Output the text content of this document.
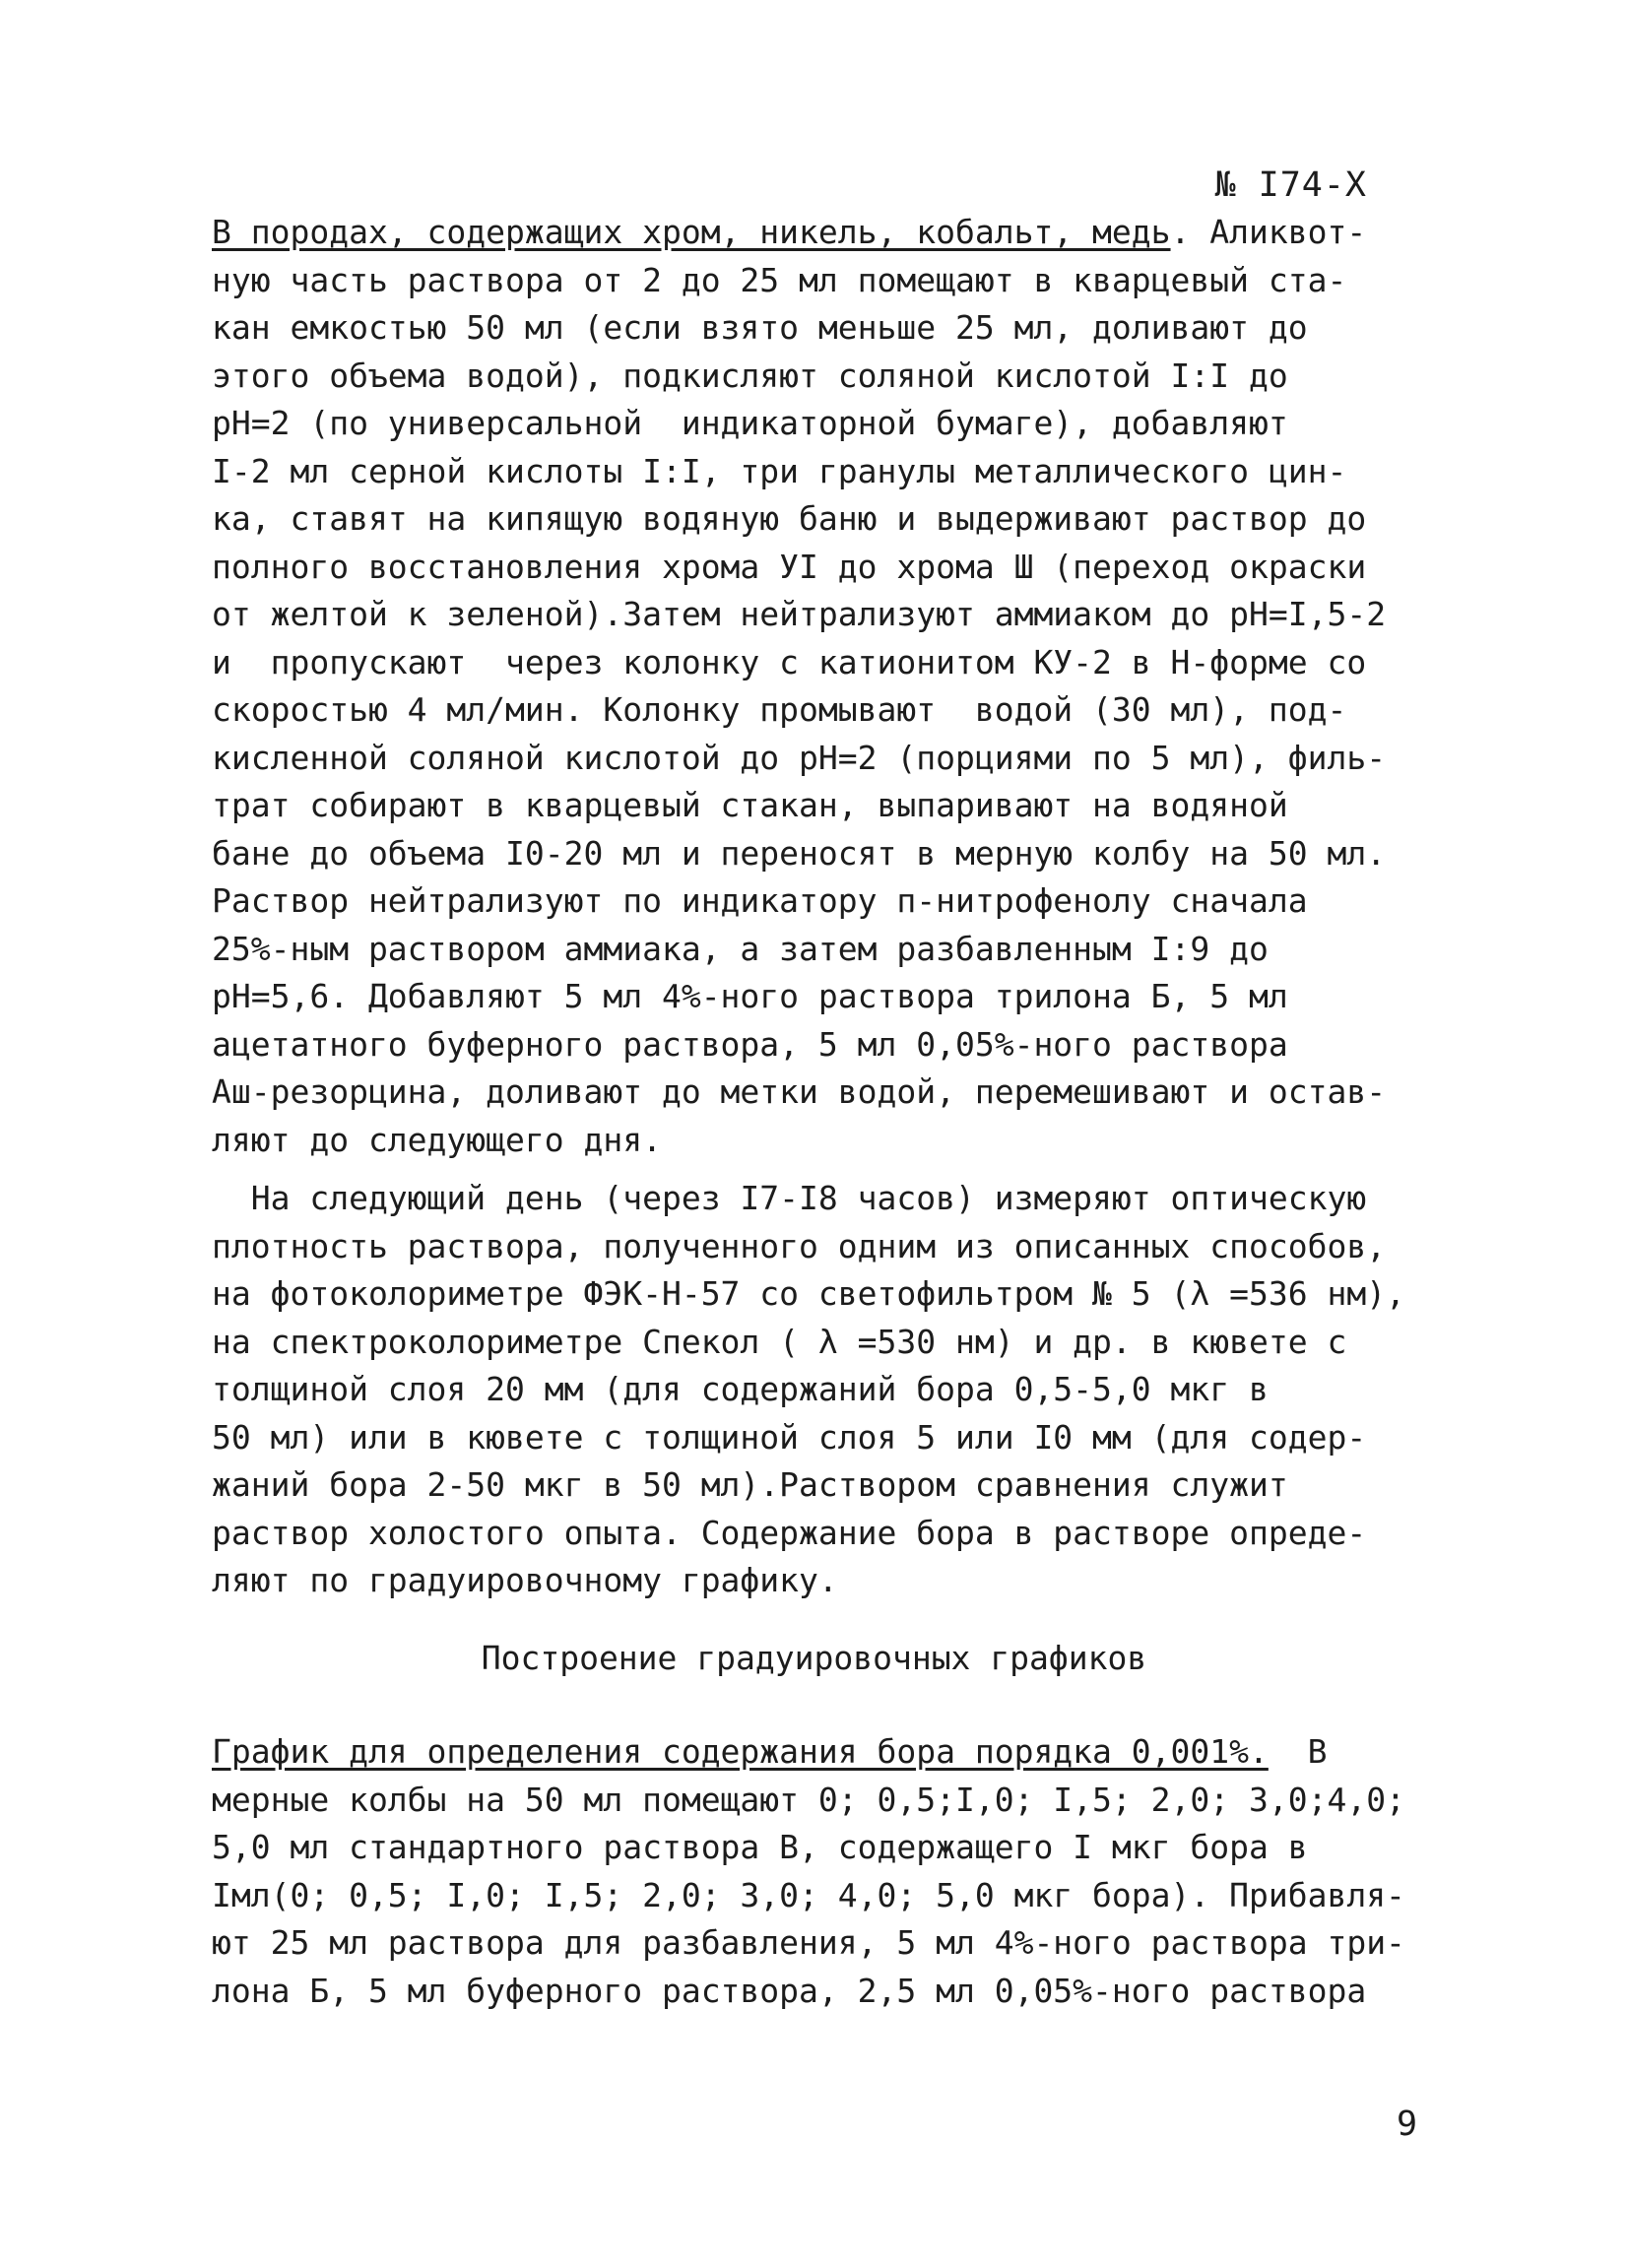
№ I74-Х
В породах, содержащих хром, никель, кобальт, медь. Аликвот-
ную часть раствора от 2 до 25 мл помещают в кварцевый ста-
кан емкостью 50 мл (если взято меньше 25 мл, доливают до
этого объема водой), подкисляют соляной кислотой I:I до
рН=2 (по универсальной  индикаторной бумаге), добавляют
I-2 мл серной кислоты I:I, три гранулы металлического цин-
ка, ставят на кипящую водяную баню и выдерживают раствор до
полного восстановления хрома УI до хрома Ш (переход окраски
от желтой к зеленой).Затем нейтрализуют аммиаком до рН=I,5-2
и  пропускают  через колонку с катионитом КУ-2 в Н-форме со
скоростью 4 мл/мин. Колонку промывают  водой (30 мл), под-
кисленной соляной кислотой до рН=2 (порциями по 5 мл), филь-
трат собирают в кварцевый стакан, выпаривают на водяной
бане до объема I0-20 мл и переносят в мерную колбу на 50 мл.
Раствор нейтрализуют по индикатору п-нитрофенолу сначала
25%-ным раствором аммиака, а затем разбавленным I:9 до
рН=5,6. Добавляют 5 мл 4%-ного раствора трилона Б, 5 мл
ацетатного буферного раствора, 5 мл 0,05%-ного раствора
Аш-резорцина, доливают до метки водой, перемешивают и остав-
ляют до следующего дня.
На следующий день (через I7-I8 часов) измеряют оптическую
плотность раствора, полученного одним из описанных способов,
на фотоколориметре ФЭК-Н-57 со светофильтром № 5 (λ =536 нм),
на спектроколориметре Спекол ( λ =530 нм) и др. в кювете с
толщиной слоя 20 мм (для содержаний бора 0,5-5,0 мкг в
50 мл) или в кювете с толщиной слоя 5 или I0 мм (для содер-
жаний бора 2-50 мкг в 50 мл).Раствором сравнения служит
раствор холостого опыта. Содержание бора в растворе опреде-
ляют по градуировочному графику.
Построение градуировочных графиков
График для определения содержания бора порядка 0,001%.  В
мерные колбы на 50 мл помещают 0; 0,5;I,0; I,5; 2,0; 3,0;4,0;
5,0 мл стандартного раствора В, содержащего I мкг бора в
Iмл(0; 0,5; I,0; I,5; 2,0; 3,0; 4,0; 5,0 мкг бора). Прибавля-
ют 25 мл раствора для разбавления, 5 мл 4%-ного раствора три-
лона Б, 5 мл буферного раствора, 2,5 мл 0,05%-ного раствора
9
